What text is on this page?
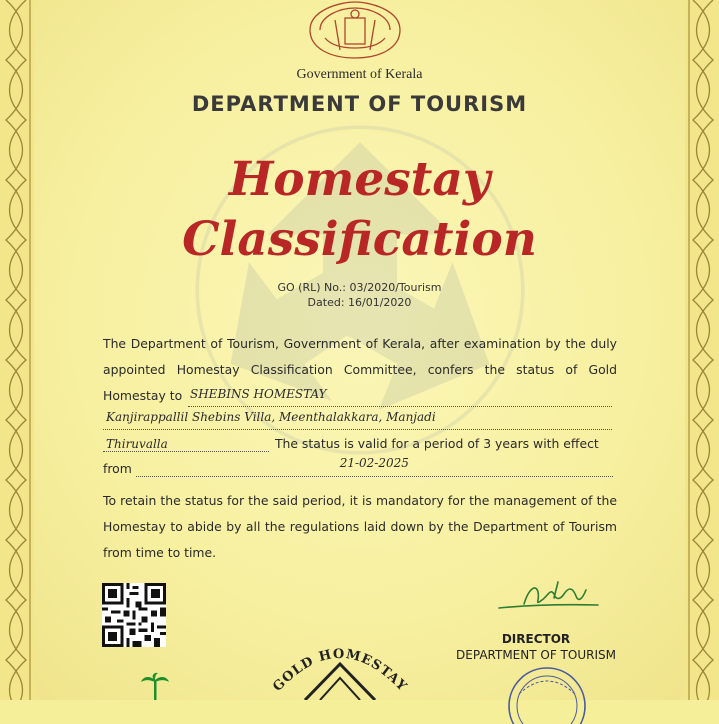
Government of Kerala
DEPARTMENT OF TOURISM
Homestay
Classification
GO (RL) No.: 03/2020/Tourism
Dated: 16/01/2020
The Department of Tourism, Government of Kerala, after examination by the duly appointed Homestay Classification Committee, confers the status of Gold Homestay to SHEBINS HOMESTAY
Kanjirappallil Shebins Villa, Meenthalakkara, Manjadi
Thiruvalla	The status is valid for a period of 3 years with effect
from	21-02-2025
To retain the status for the said period, it is mandatory for the management of the Homestay to abide by all the regulations laid down by the Department of Tourism from time to time.
DIRECTOR
DEPARTMENT OF TOURISM
GOLD HOMESTAY
